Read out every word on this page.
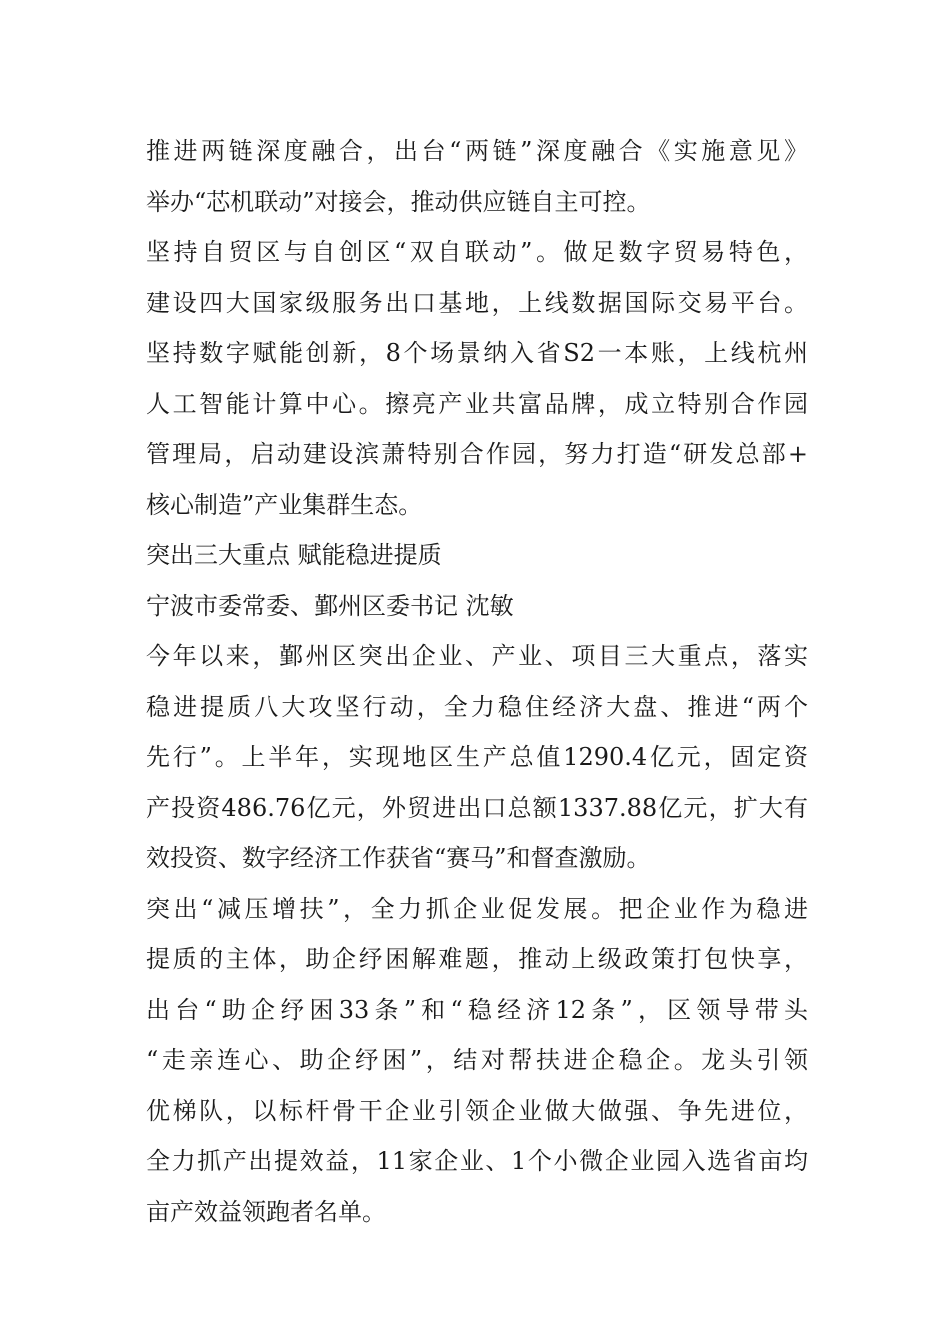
推进两链深度融合，出台“两链”深度融合《实施意见》
举办“芯机联动”对接会，推动供应链自主可控。
坚持自贸区与自创区“双自联动”。做足数字贸易特色，
建设四大国家级服务出口基地，上线数据国际交易平台。
坚持数字赋能创新，8个场景纳入省S2一本账，上线杭州
人工智能计算中心。擦亮产业共富品牌，成立特别合作园
管理局，启动建设滨萧特别合作园，努力打造“研发总部+
核心制造”产业集群生态。
突出三大重点 赋能稳进提质
宁波市委常委、鄞州区委书记 沈敏
今年以来，鄞州区突出企业、产业、项目三大重点，落实
稳进提质八大攻坚行动，全力稳住经济大盘、推进“两个
先行”。上半年，实现地区生产总值1290.4亿元，固定资
产投资486.76亿元，外贸进出口总额1337.88亿元，扩大有
效投资、数字经济工作获省“赛马”和督查激励。
突出“减压增扶”，全力抓企业促发展。把企业作为稳进
提质的主体，助企纾困解难题，推动上级政策打包快享，
出台“助企纾困33条”和“稳经济12条”，区领导带头
“走亲连心、助企纾困”，结对帮扶进企稳企。龙头引领
优梯队，以标杆骨干企业引领企业做大做强、争先进位，
全力抓产出提效益，11家企业、1个小微企业园入选省亩均
亩产效益领跑者名单。
